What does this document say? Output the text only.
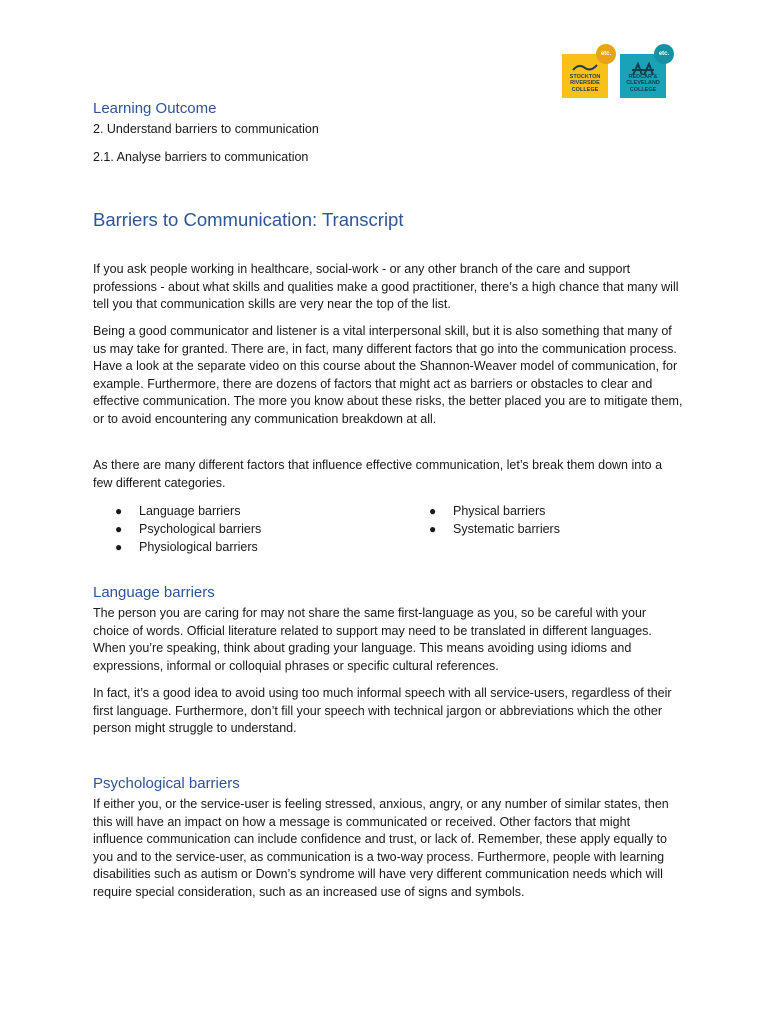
etc.
STOCKTON
RIVERSIDE
COLLEGE
etc.
REDCAR &
CLEVELAND
COLLEGE
Learning Outcome

2. Understand barriers to communication

2.1. Analyse barriers to communication

Barriers to Communication: Transcript

If you ask people working in healthcare, social-work - or any other branch of the care and support professions - about what skills and qualities make a good practitioner, there’s a high chance that many will tell you that communication skills are very near the top of the list.

Being a good communicator and listener is a vital interpersonal skill, but it is also something that many of us may take for granted. There are, in fact, many different factors that go into the communication process. Have a look at the separate video on this course about the Shannon-Weaver model of communication, for example. Furthermore, there are dozens of factors that might act as barriers or obstacles to clear and effective communication. The more you know about these risks, the better placed you are to mitigate them, or to avoid encountering any communication breakdown at all.

As there are many different factors that influence effective communication, let’s break them down into a few different categories.

● Language barriers
● Psychological barriers
● Physiological barriers
● Physical barriers
● Systematic barriers
Language barriers

The person you are caring for may not share the same first-language as you, so be careful with your choice of words. Official literature related to support may need to be translated in different languages. When you’re speaking, think about grading your language. This means avoiding using idioms and expressions, informal or colloquial phrases or specific cultural references.

In fact, it’s a good idea to avoid using too much informal speech with all service-users, regardless of their first language. Furthermore, don’t fill your speech with technical jargon or abbreviations which the other person might struggle to understand.

Psychological barriers

If either you, or the service-user is feeling stressed, anxious, angry, or any number of similar states, then this will have an impact on how a message is communicated or received. Other factors that might influence communication can include confidence and trust, or lack of. Remember, these apply equally to you and to the service-user, as communication is a two-way process. Furthermore, people with learning disabilities such as autism or Down’s syndrome will have very different communication needs which will require special consideration, such as an increased use of signs and symbols.
